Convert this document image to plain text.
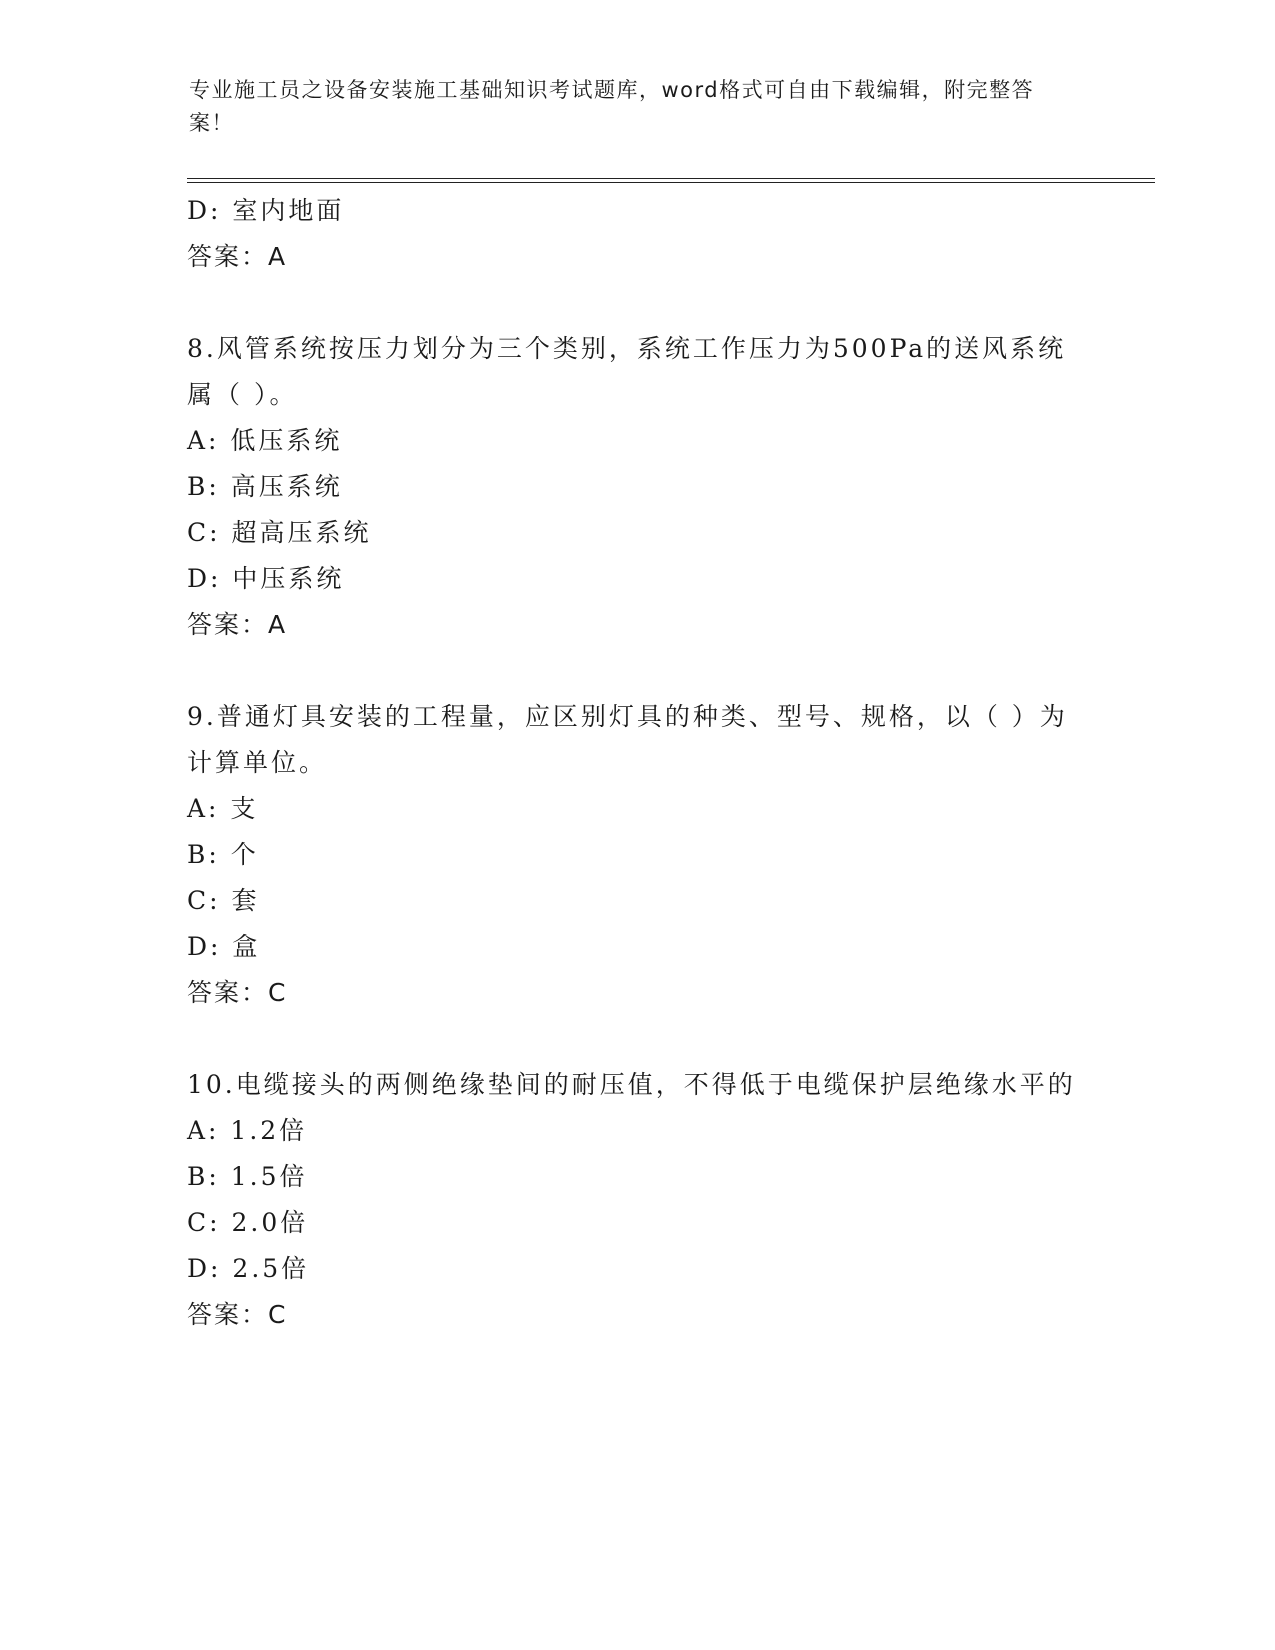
专业施工员之设备安装施工基础知识考试题库，word格式可自由下载编辑，附完整答案！
D: 室内地面
答案：A
8.风管系统按压力划分为三个类别，系统工作压力为500Pa的送风系统属（ ）。
A: 低压系统
B: 高压系统
C: 超高压系统
D: 中压系统
答案：A
9.普通灯具安装的工程量，应区别灯具的种类、型号、规格，以（ ）为计算单位。
A: 支
B: 个
C: 套
D: 盒
答案：C
10.电缆接头的两侧绝缘垫间的耐压值，不得低于电缆保护层绝缘水平的
A: 1.2倍
B: 1.5倍
C: 2.0倍
D: 2.5倍
答案：C
